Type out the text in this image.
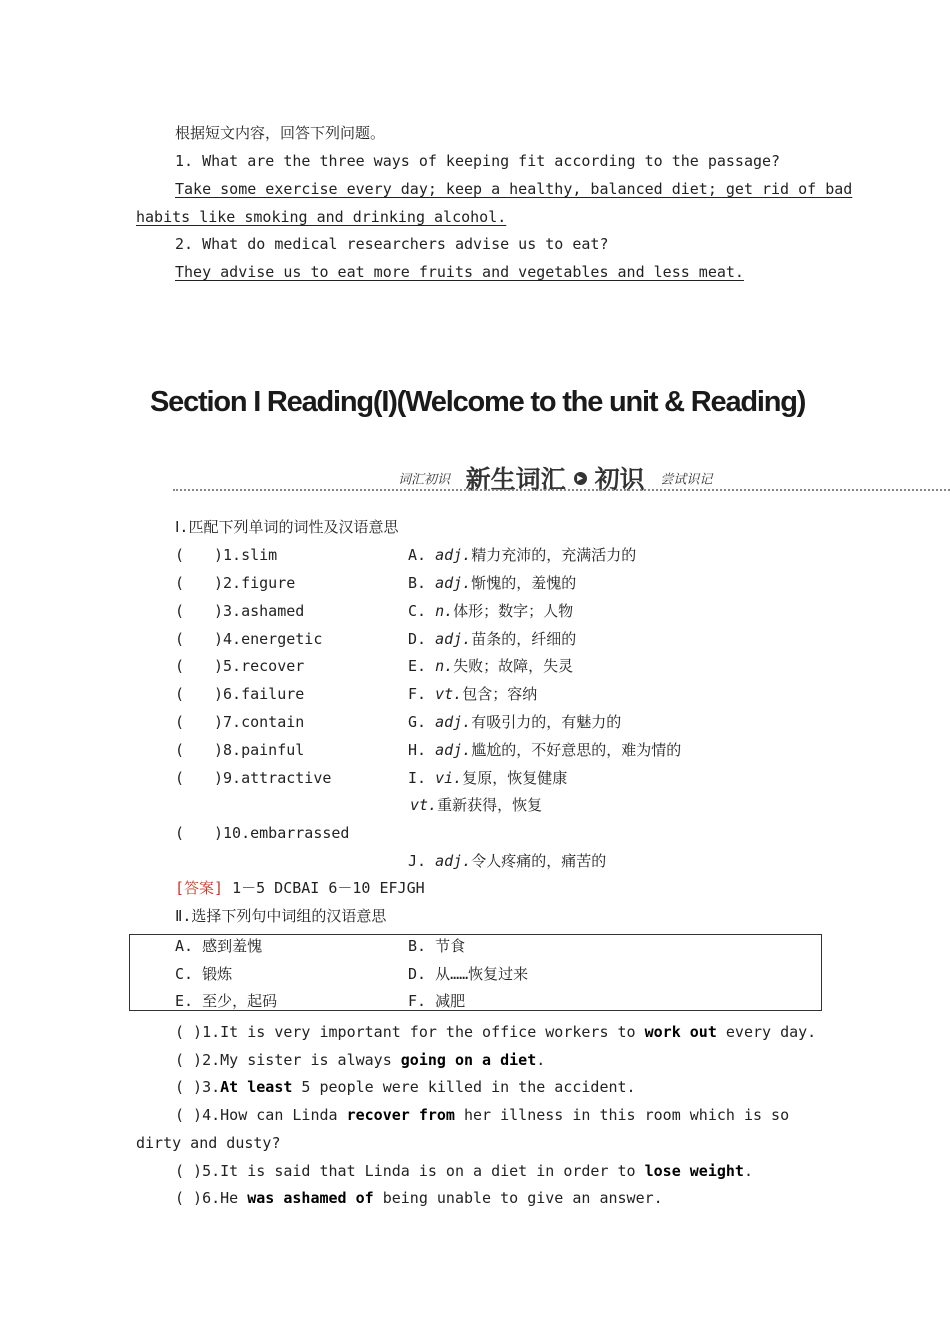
根据短文内容，回答下列问题。
1. What are the three ways of keeping fit according to the passage?
Take some exercise every day; keep a healthy, balanced diet; get rid of bad
habits like smoking and drinking alcohol.
2. What do medical researchers advise us to eat?
They advise us to eat more fruits and vegetables and less meat.
Section I Reading(I)(Welcome to the unit & Reading)
词汇初识 新生词汇 ▶ 初识 尝试识记
Ⅰ.匹配下列单词的词性及汉语意思
( )1.slim	A. adj.精力充沛的，充满活力的
( )2.figure	B. adj.惭愧的，羞愧的
( )3.ashamed	C. n.体形；数字；人物
( )4.energetic	D. adj.苗条的，纤细的
( )5.recover	E. n.失败；故障，失灵
( )6.failure	F. vt.包含；容纳
( )7.contain	G. adj.有吸引力的，有魅力的
( )8.painful	H. adj.尴尬的，不好意思的，难为情的
( )9.attractive	I. vi.复原，恢复健康
vt.重新获得，恢复
( )10.embarrassed
J. adj.令人疼痛的，痛苦的
[答案] 1－5 DCBAI 6－10 EFJGH
Ⅱ.选择下列句中词组的汉语意思
A. 感到羞愧	B. 节食
C. 锻炼	D. 从……恢复过来
E. 至少，起码	F. 减肥
( )1.It is very important for the office workers to work out every day.
( )2.My sister is always going on a diet.
( )3.At least 5 people were killed in the accident.
( )4.How can Linda recover from her illness in this room which is so
dirty and dusty?
( )5.It is said that Linda is on a diet in order to lose weight.
( )6.He was ashamed of being unable to give an answer.
